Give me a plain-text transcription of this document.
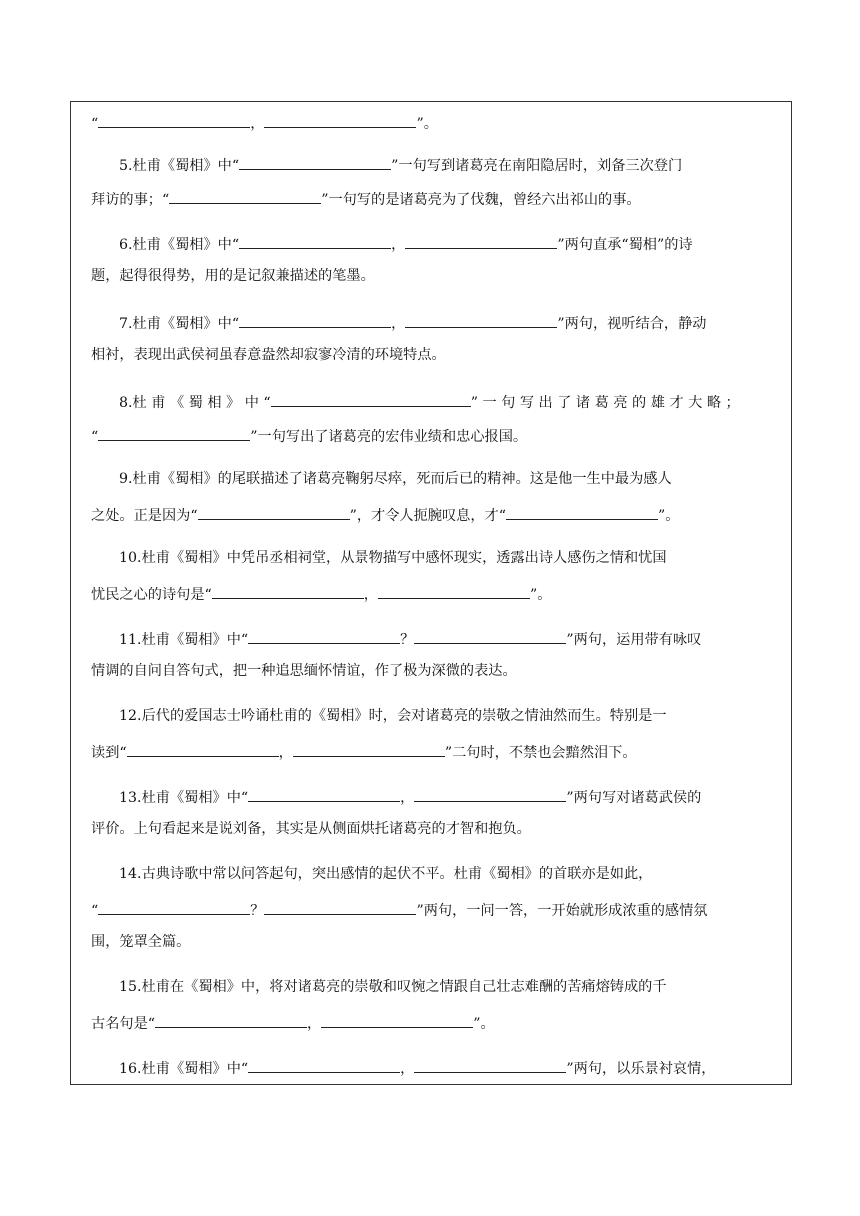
“	，	”。

5.杜甫《蜀相》中“	”一句写到诸葛亮在南阳隐居时，刘备三次登门

拜访的事；“	”一句写的是诸葛亮为了伐魏，曾经六出祁山的事。

6.杜甫《蜀相》中“	，	”两句直承“蜀相”的诗

题，起得很得势，用的是记叙兼描述的笔墨。

7.杜甫《蜀相》中“	，	”两句，视听结合，静动

相衬，表现出武侯祠虽春意盎然却寂寥冷清的环境特点。

8.杜 甫 《 蜀 相 》 中 “	” 一 句 写 出 了 诸 葛 亮 的 雄 才 大 略 ；

“	”一句写出了诸葛亮的宏伟业绩和忠心报国。

9.杜甫《蜀相》的尾联描述了诸葛亮鞠躬尽瘁，死而后已的精神。这是他一生中最为感人

之处。正是因为“	”，才令人扼腕叹息，才“	”。

10.杜甫《蜀相》中凭吊丞相祠堂，从景物描写中感怀现实，透露出诗人感伤之情和忧国

忧民之心的诗句是“	，	”。

11.杜甫《蜀相》中“	？	”两句，运用带有咏叹

情调的自问自答句式，把一种追思缅怀情谊，作了极为深微的表达。

12.后代的爱国志士吟诵杜甫的《蜀相》时，会对诸葛亮的崇敬之情油然而生。特别是一

读到“	，	”二句时，不禁也会黯然泪下。

13.杜甫《蜀相》中“	，	”两句写对诸葛武侯的

评价。上句看起来是说刘备，其实是从侧面烘托诸葛亮的才智和抱负。

14.古典诗歌中常以问答起句，突出感情的起伏不平。杜甫《蜀相》的首联亦是如此，

“	？	”两句，一问一答，一开始就形成浓重的感情氛

围，笼罩全篇。

15.杜甫在《蜀相》中，将对诸葛亮的崇敬和叹惋之情跟自己壮志难酬的苦痛熔铸成的千

古名句是“	，	”。

16.杜甫《蜀相》中“	，	”两句，以乐景衬哀情，
